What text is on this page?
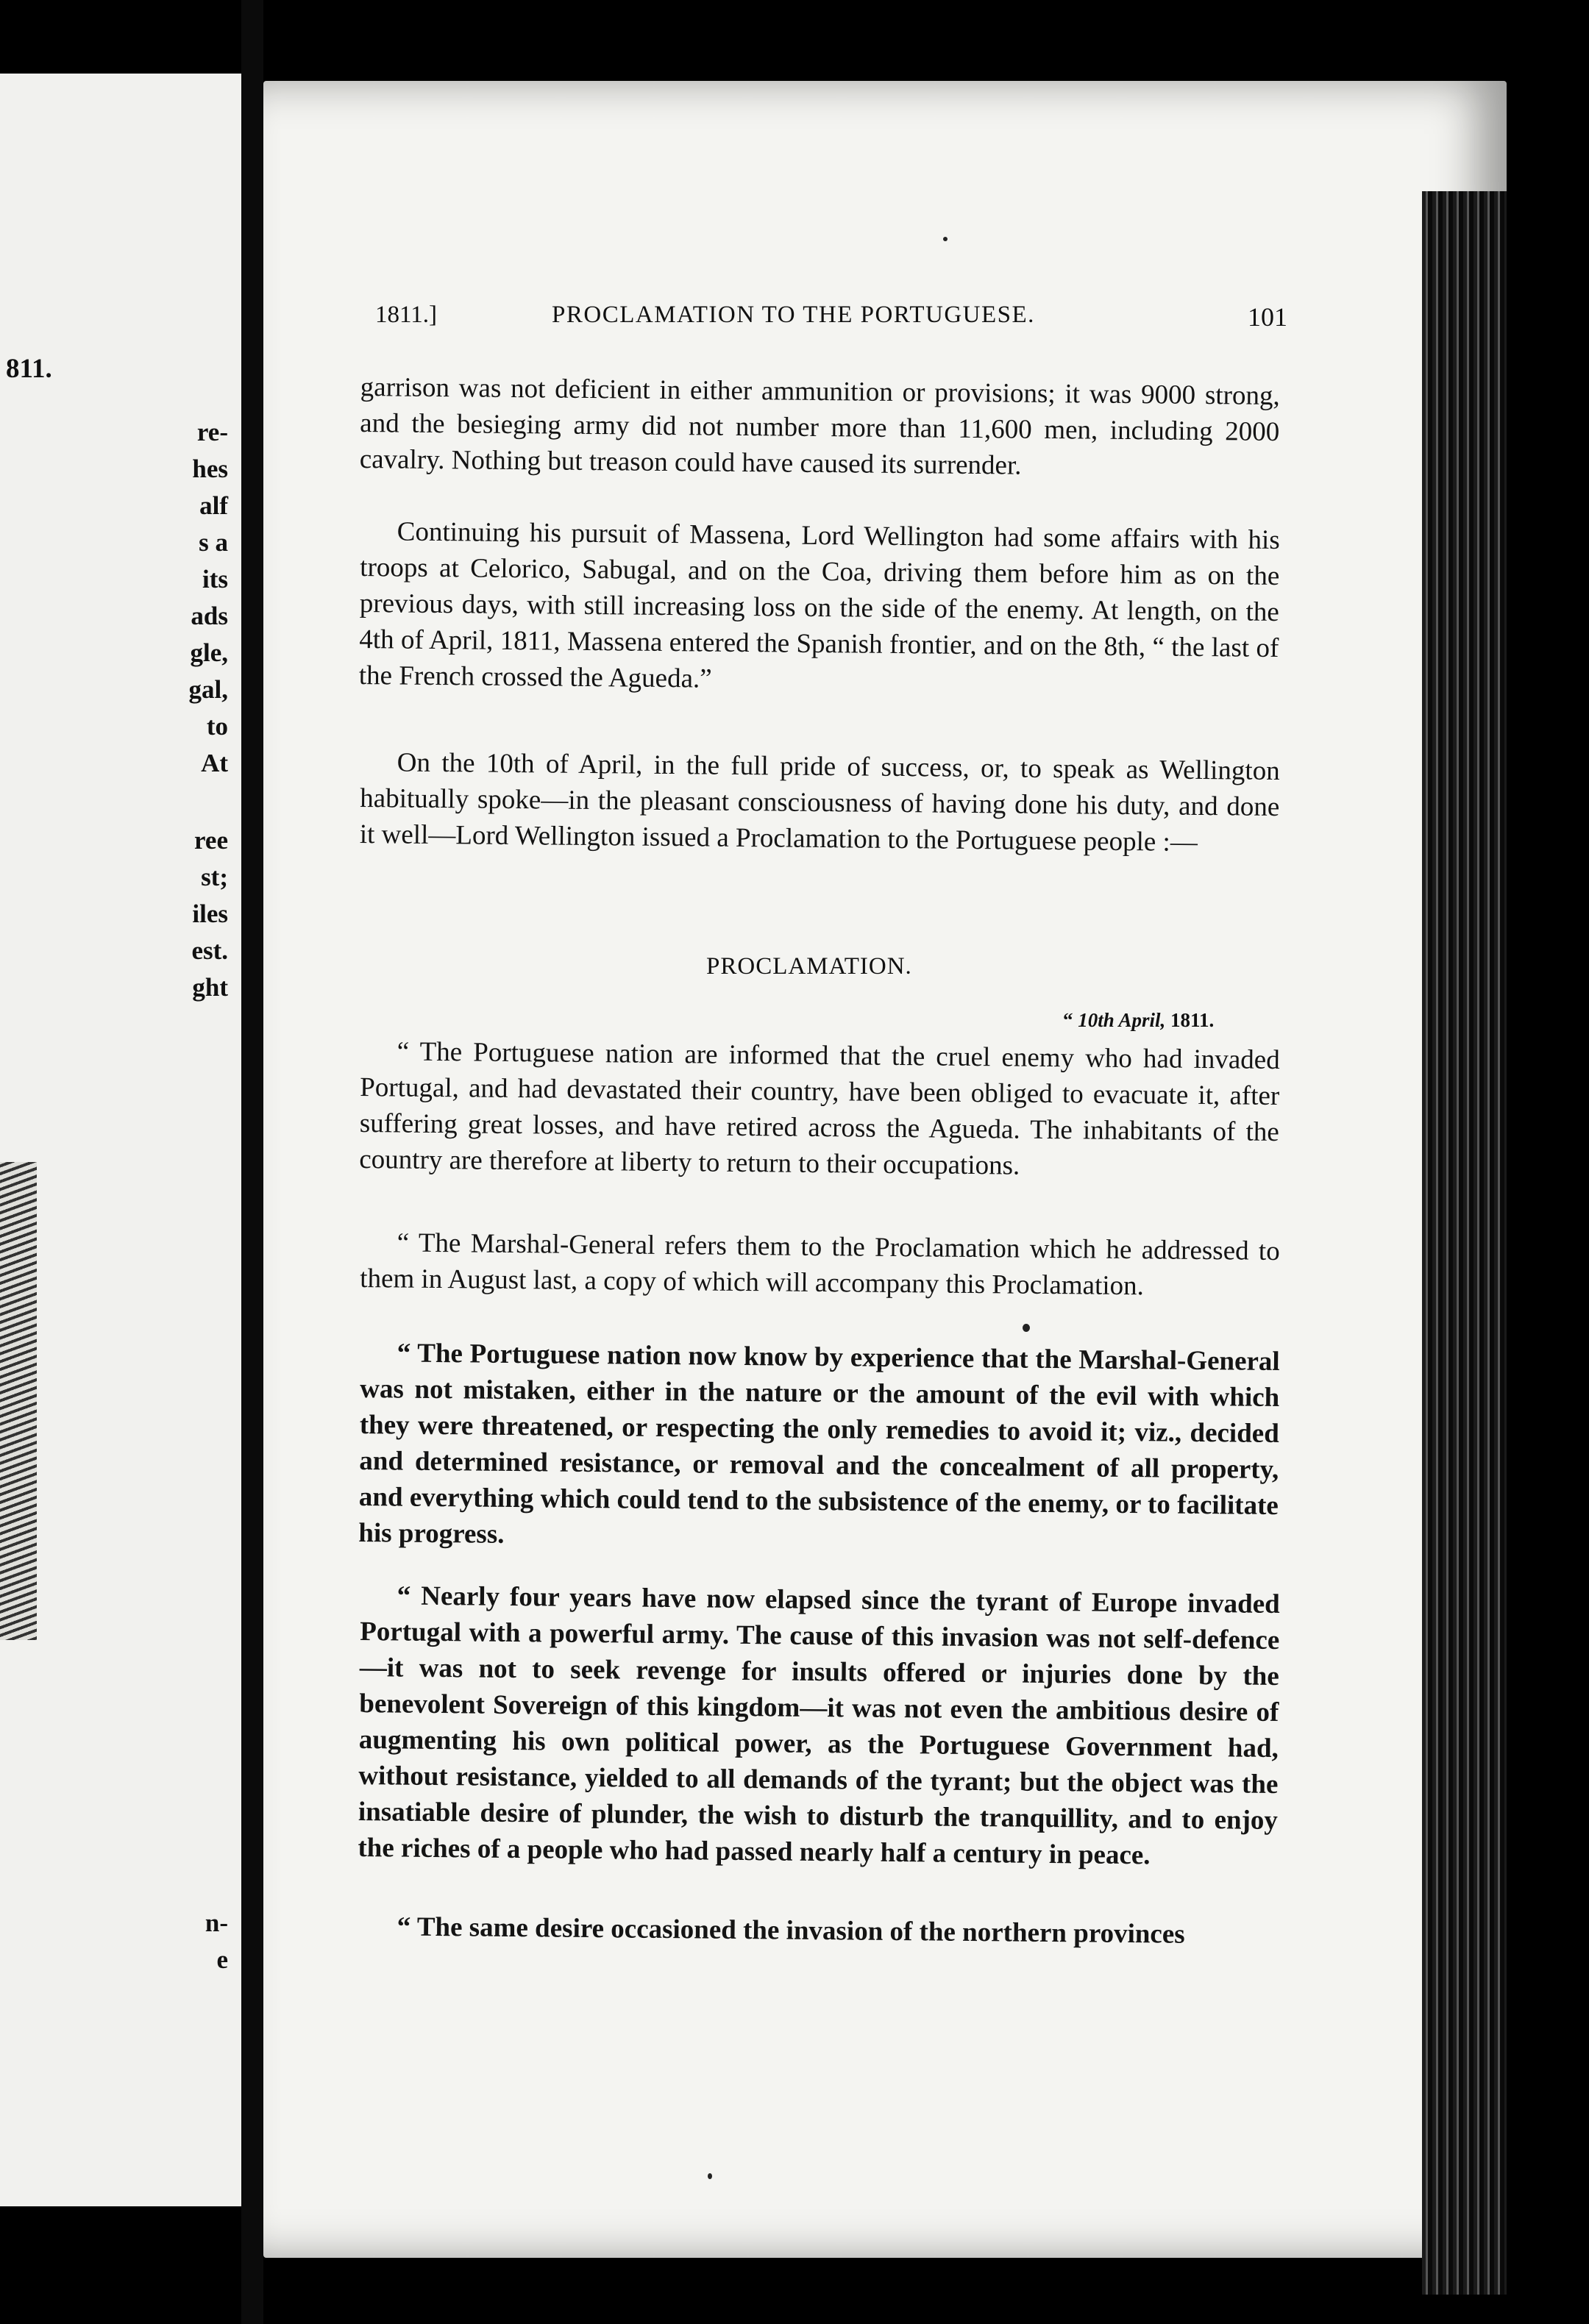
811.
re-
hes
alf
s a
its
ads
gle,
gal,
to
At
ree
st;
iles
est.
ght
n-
e
1811.]	PROCLAMATION TO THE PORTUGUESE.	101

garrison was not deficient in either ammunition or provisions; it was 9000 strong, and the besieging army did not number more than 11,600 men, including 2000 cavalry. Nothing but treason could have caused its surrender.

Continuing his pursuit of Massena, Lord Wellington had some affairs with his troops at Celorico, Sabugal, and on the Coa, driving them before him as on the previous days, with still increasing loss on the side of the enemy. At length, on the 4th of April, 1811, Massena entered the Spanish frontier, and on the 8th, “ the last of the French crossed the Agueda.”

On the 10th of April, in the full pride of success, or, to speak as Wellington habitually spoke—in the pleasant consciousness of having done his duty, and done it well—Lord Wellington issued a Proclamation to the Portuguese people :—

PROCLAMATION.
“ 10th April, 1811.

“ The Portuguese nation are informed that the cruel enemy who had invaded Portugal, and had devastated their country, have been obliged to evacuate it, after suffering great losses, and have retired across the Agueda. The inhabitants of the country are therefore at liberty to return to their occupations.

“ The Marshal-General refers them to the Proclamation which he addressed to them in August last, a copy of which will accompany this Proclamation.

“ The Portuguese nation now know by experience that the Marshal-General was not mistaken, either in the nature or the amount of the evil with which they were threatened, or respecting the only remedies to avoid it; viz., decided and determined resistance, or removal and the concealment of all property, and everything which could tend to the subsistence of the enemy, or to facilitate his progress.

“ Nearly four years have now elapsed since the tyrant of Europe invaded Portugal with a powerful army. The cause of this invasion was not self-defence—it was not to seek revenge for insults offered or injuries done by the benevolent Sovereign of this kingdom—it was not even the ambitious desire of augmenting his own political power, as the Portuguese Government had, without resistance, yielded to all demands of the tyrant; but the object was the insatiable desire of plunder, the wish to disturb the tranquillity, and to enjoy the riches of a people who had passed nearly half a century in peace.

“ The same desire occasioned the invasion of the northern provinces
